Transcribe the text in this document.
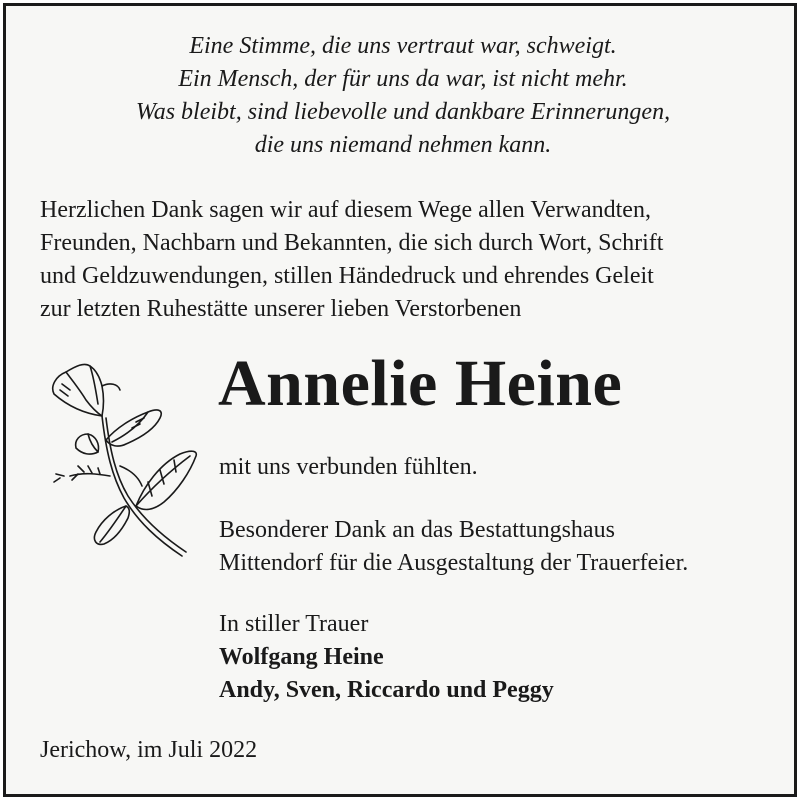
Eine Stimme, die uns vertraut war, schweigt.
Ein Mensch, der für uns da war, ist nicht mehr.
Was bleibt, sind liebevolle und dankbare Erinnerungen,
die uns niemand nehmen kann.
Herzlichen Dank sagen wir auf diesem Wege allen Verwandten,
Freunden, Nachbarn und Bekannten, die sich durch Wort, Schrift
und Geldzuwendungen, stillen Händedruck und ehrendes Geleit
zur letzten Ruhestätte unserer lieben Verstorbenen
Annelie Heine
mit uns verbunden fühlten.
Besonderer Dank an das Bestattungshaus
Mittendorf für die Ausgestaltung der Trauerfeier.
In stiller Trauer
Wolfgang Heine
Andy, Sven, Riccardo und Peggy
Jerichow, im Juli 2022
